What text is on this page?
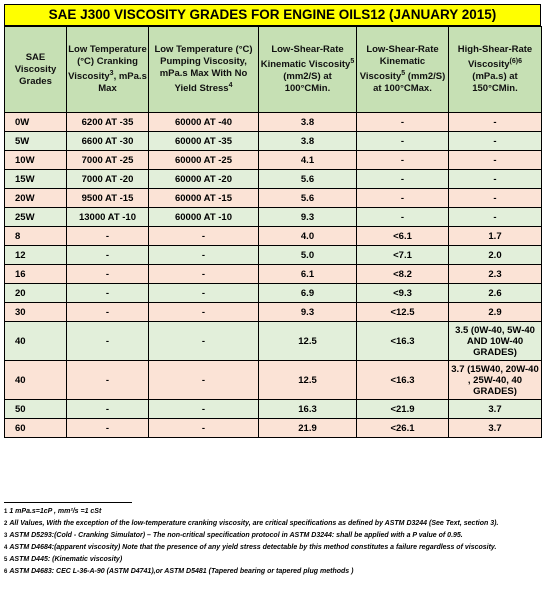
SAE J300 VISCOSITY GRADES FOR ENGINE OILS12 (JANUARY 2015)
SAE Viscosity Grades	Low Temperature (°C) Cranking Viscosity$^3$, mPa.s Max	Low Temperature (°C) Pumping Viscosity, mPa.s Max With No Yield Stress$^4$	Low-Shear-Rate Kinematic Viscosity$^5$ (mm2/S) at 100°CMin.	Low-Shear-Rate Kinematic Viscosity$^5$ (mm2/S) at 100°CMax.	High-Shear-Rate Viscosity$^{(6)6}$ (mPa.s) at 150°CMin.
0W	6200 AT -35	60000 AT -40	3.8	-	-
5W	6600 AT -30	60000 AT -35	3.8	-	-
10W	7000 AT -25	60000 AT -25	4.1	-	-
15W	7000 AT -20	60000 AT -20	5.6	-	-
20W	9500 AT -15	60000 AT -15	5.6	-	-
25W	13000 AT -10	60000 AT -10	9.3	-	-
8	-	-	4.0	<6.1	1.7
12	-	-	5.0	<7.1	2.0
16	-	-	6.1	<8.2	2.3
20	-	-	6.9	<9.3	2.6
30	-	-	9.3	<12.5	2.9
40	-	-	12.5	<16.3	3.5 (0W-40, 5W-40 AND 10W-40 GRADES)
40	-	-	12.5	<16.3	3.7 (15W40, 20W-40 , 25W-40, 40 GRADES)
50	-	-	16.3	<21.9	3.7
60	-	-	21.9	<26.1	3.7
1 1 mPa.s=1cP , mm²/s =1 cSt
2 All Values, With the exception of the low-temperature cranking viscosity, are critical specifications as defined by ASTM D3244 (See Text, section 3).
3 ASTM D5293:(Cold - Cranking Simulator) – The non-critical specification protocol in ASTM D3244: shall be applied with a P value of 0.95.
4 ASTM D4684:(apparent viscosity) Note that the presence of any yield stress detectable by this method constitutes a failure regardless of viscosity.
5 ASTM D445: (Kinematic viscosity)
6 ASTM D4683: CEC L-36-A-90 (ASTM D4741),or ASTM D5481 (Tapered bearing or tapered plug methods )
